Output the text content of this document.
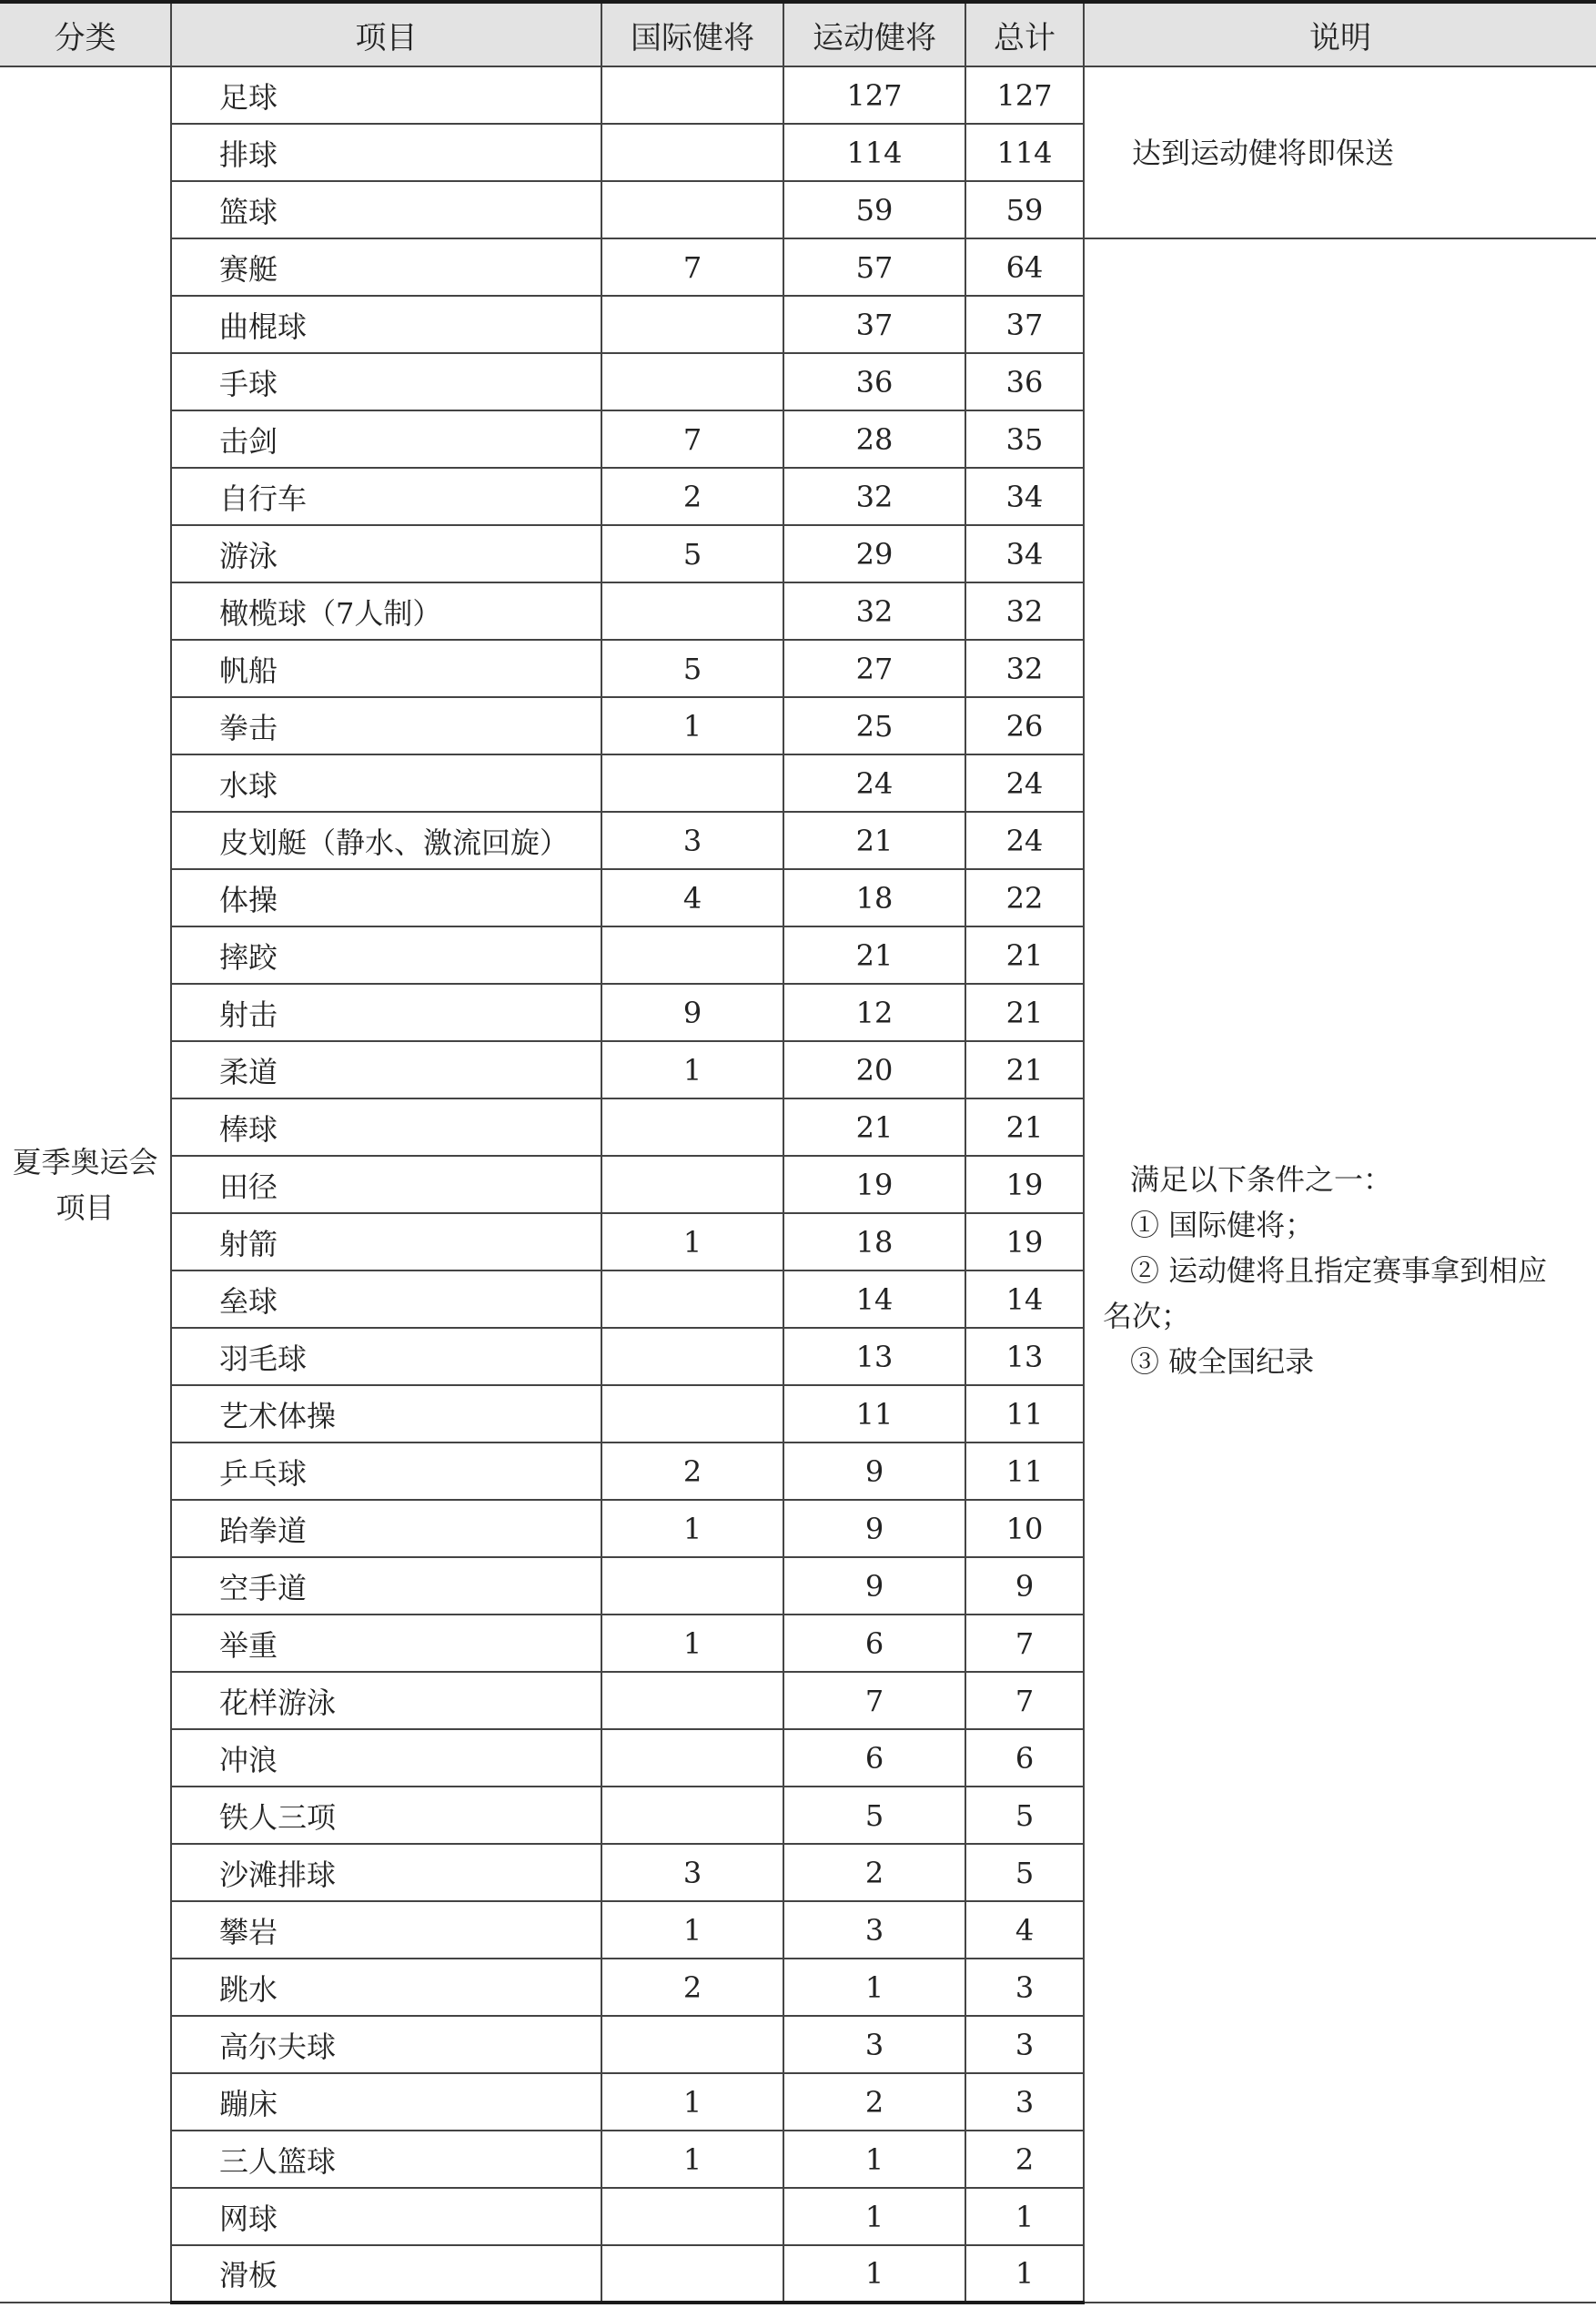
分类	项目	国际健将	运动健将	总计	说明
夏季奥运会项目	足球		127	127	达到运动健将即保送

	排球		114	114	
	篮球		59	59	
	赛艇	7	57	64	满足以下条件之一：
① 国际健将；
② 运动健将且指定赛事拿到相应
名次；
③ 破全国纪录

	曲棍球		37	37	
	手球		36	36	
	击剑	7	28	35	
	自行车	2	32	34	
	游泳	5	29	34	
	橄榄球（7人制）		32	32	
	帆船	5	27	32	
	拳击	1	25	26	
	水球		24	24	
	皮划艇（静水、激流回旋）	3	21	24	
	体操	4	18	22	
	摔跤		21	21	
	射击	9	12	21	
	柔道	1	20	21	
	棒球		21	21	
	田径		19	19	
	射箭	1	18	19	
	垒球		14	14	
	羽毛球		13	13	
	艺术体操		11	11	
	乒乓球	2	9	11	
	跆拳道	1	9	10	
	空手道		9	9	
	举重	1	6	7	
	花样游泳		7	7	
	冲浪		6	6	
	铁人三项		5	5	
	沙滩排球	3	2	5	
	攀岩	1	3	4	
	跳水	2	1	3	
	高尔夫球		3	3	
	蹦床	1	2	3	
	三人篮球	1	1	2	
	网球		1	1	
	滑板		1	1	
